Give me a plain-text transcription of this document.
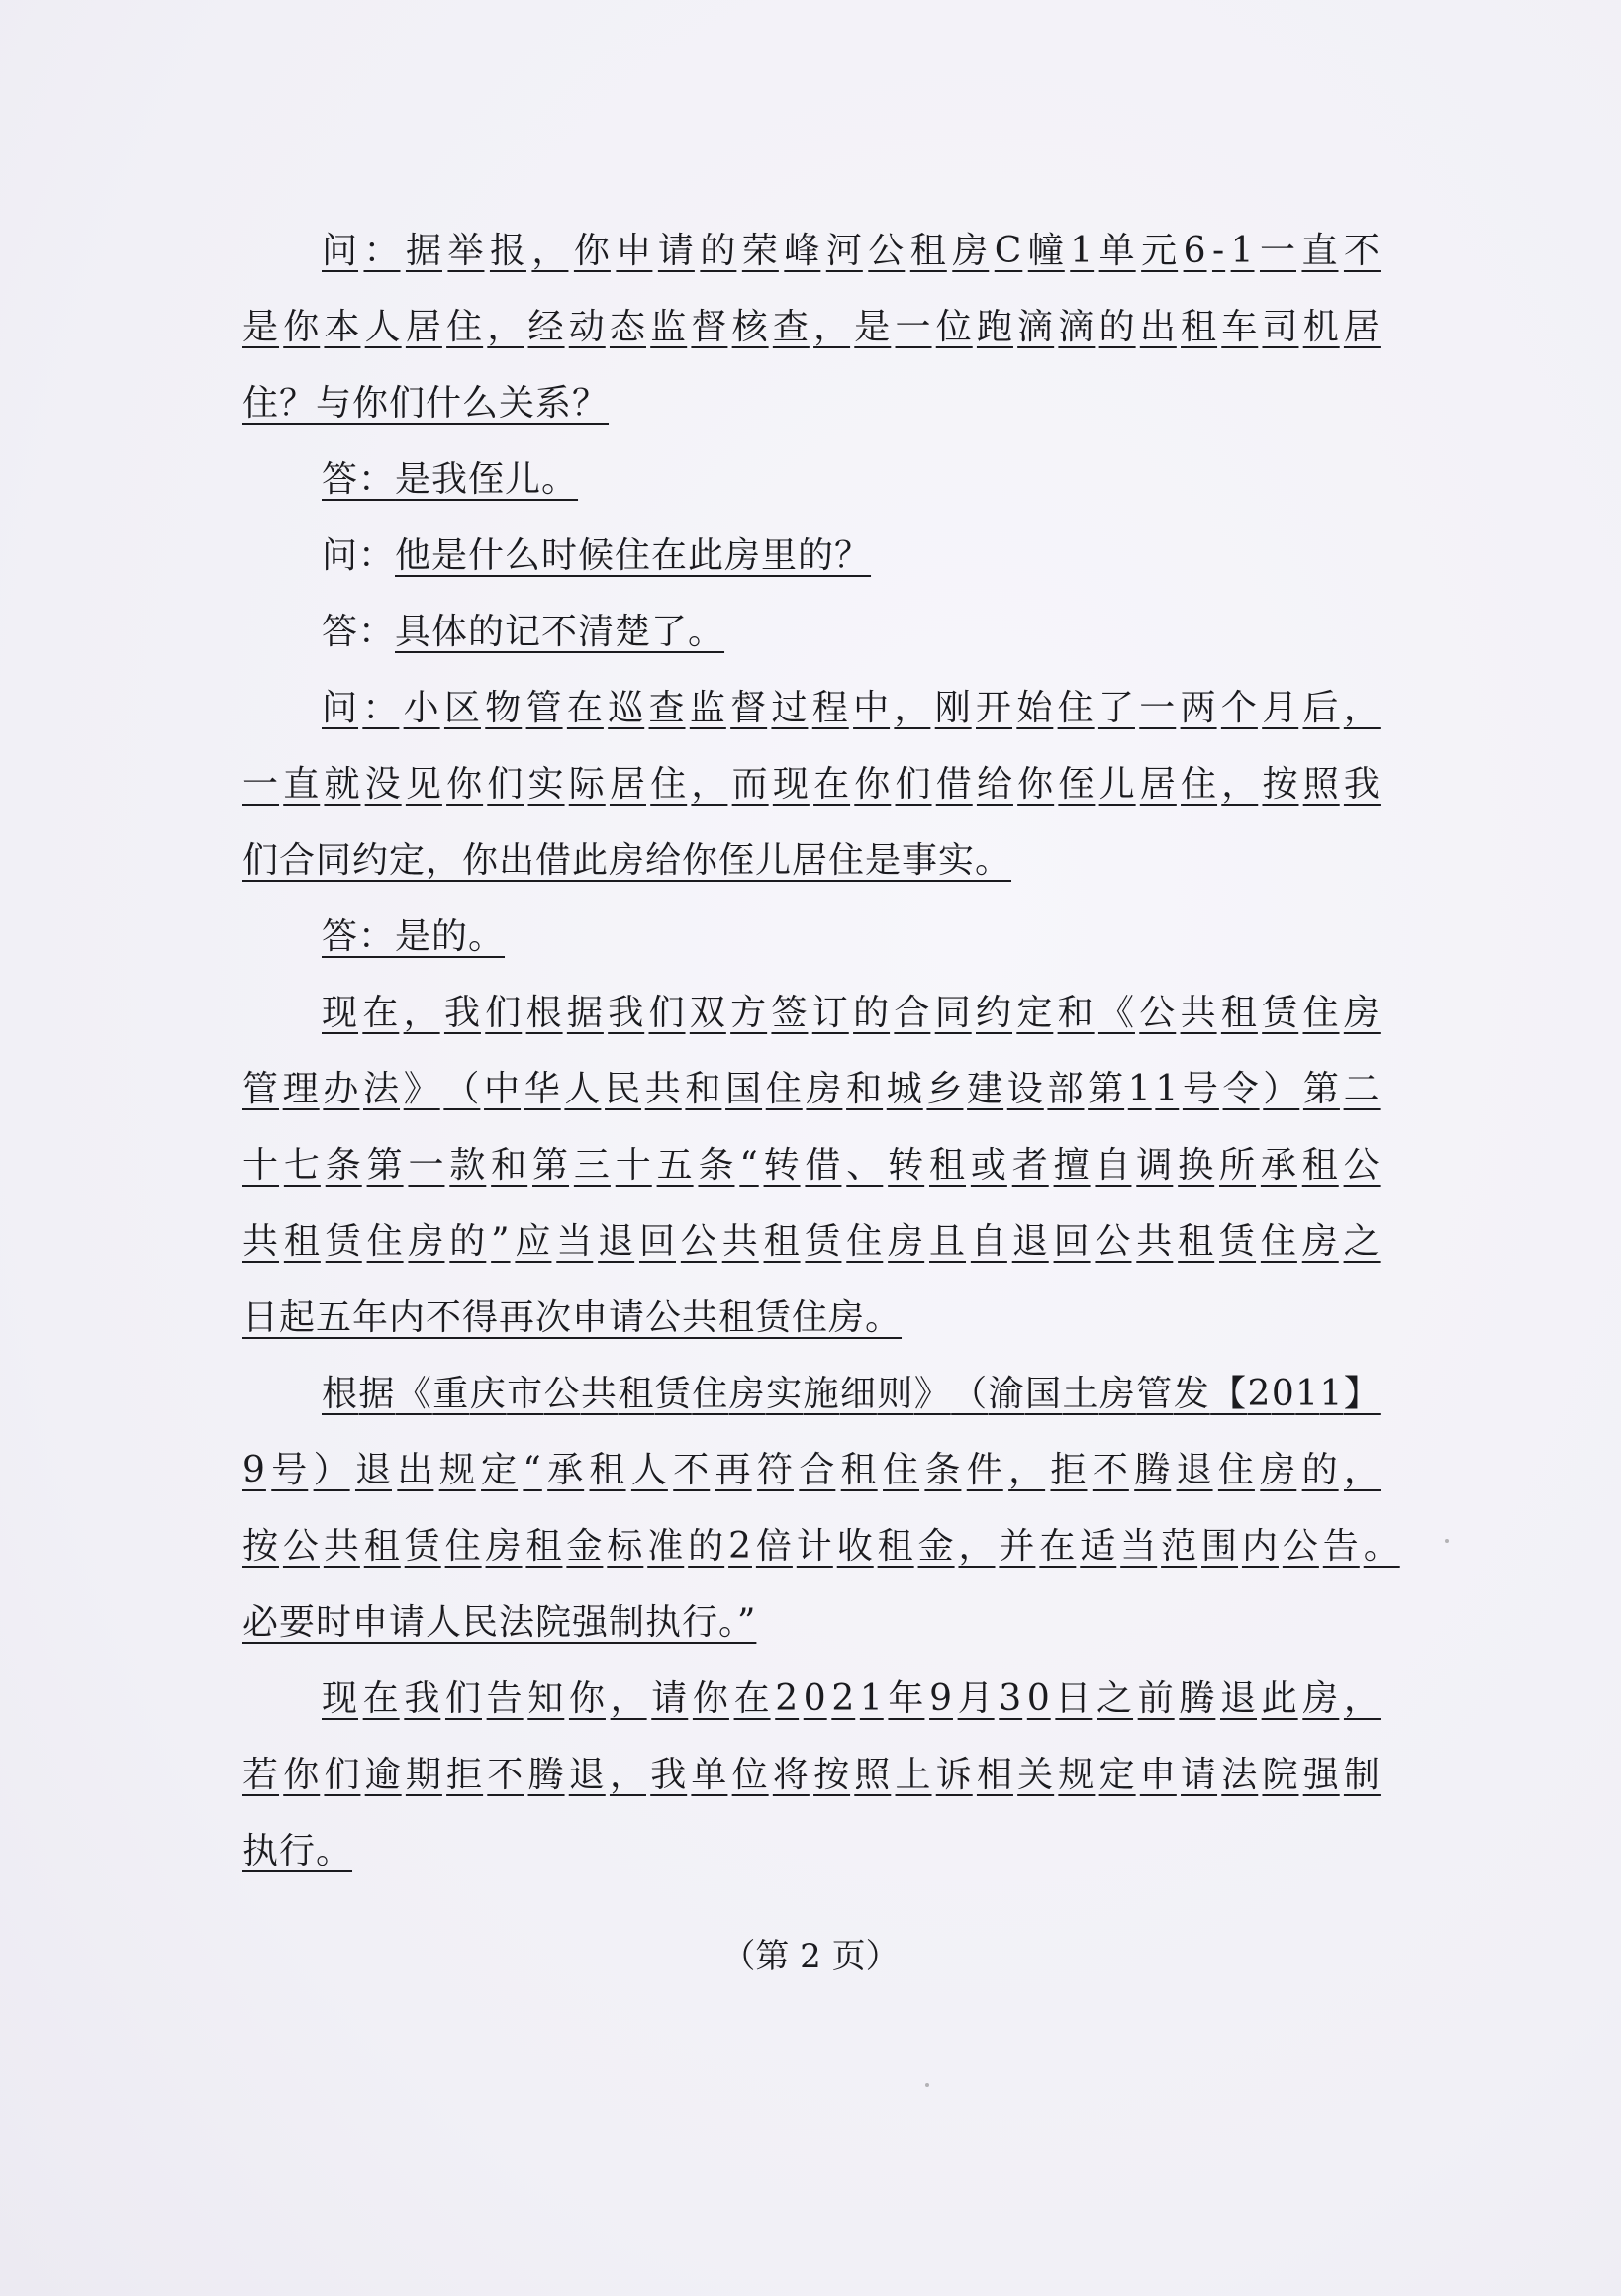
问 ： 据 举 报 ， 你 申 请 的 荣 峰 河 公 租 房 C 幢 1 单 元 6 - 1 一 直 不
是 你 本 人 居 住 ， 经 动 态 监 督 核 查 ， 是 一 位 跑 滴 滴 的 出 租 车 司 机 居
住？与你们什么关系？
答：是我侄儿。
问：他是什么时候住在此房里的？
答：具体的记不清楚了。
问 ： 小 区 物 管 在 巡 查 监 督 过 程 中 ， 刚 开 始 住 了 一 两 个 月 后 ，
一 直 就 没 见 你 们 实 际 居 住 ， 而 现 在 你 们 借 给 你 侄 儿 居 住 ， 按 照 我
们合同约定，你出借此房给你侄儿居住是事实。
答：是的。
现 在 ， 我 们 根 据 我 们 双 方 签 订 的 合 同 约 定 和 《 公 共 租 赁 住 房
管 理 办 法 》 （ 中 华 人 民 共 和 国 住 房 和 城 乡 建 设 部 第 1 1 号 令 ） 第 二
十 七 条 第 一 款 和 第 三 十 五 条 “ 转 借 、 转 租 或 者 擅 自 调 换 所 承 租 公
共 租 赁 住 房 的 ” 应 当 退 回 公 共 租 赁 住 房 且 自 退 回 公 共 租 赁 住 房 之
日起五年内不得再次申请公共租赁住房。
根 据 《 重 庆 市 公 共 租 赁 住 房 实 施 细 则 》 （ 渝 国 土 房 管 发 【 2 0 1 1 】
9 号 ） 退 出 规 定 “ 承 租 人 不 再 符 合 租 住 条 件 ， 拒 不 腾 退 住 房 的 ，
按 公 共 租 赁 住 房 租 金 标 准 的 2 倍 计 收 租 金 ， 并 在 适 当 范 围 内 公 告 。
必要时申请人民法院强制执行。”
现 在 我 们 告 知 你 ， 请 你 在 2 0 2 1 年 9 月 3 0 日 之 前 腾 退 此 房 ，
若 你 们 逾 期 拒 不 腾 退 ， 我 单 位 将 按 照 上 诉 相 关 规 定 申 请 法 院 强 制
执行。
（第 2 页）
